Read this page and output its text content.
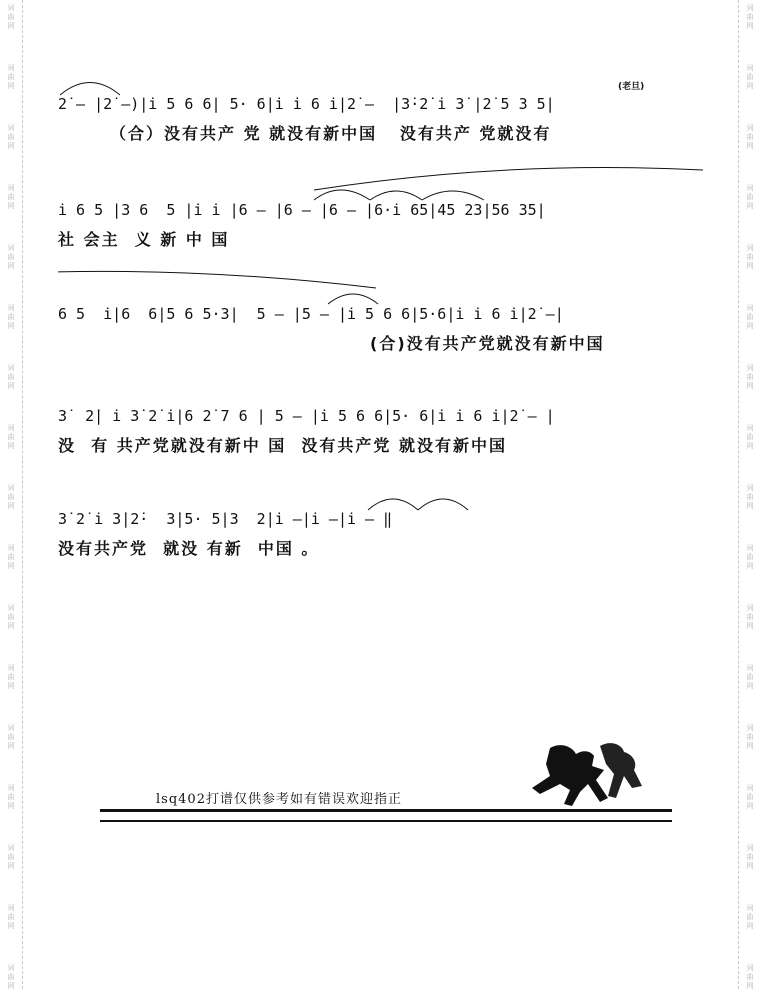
词
曲
网
词
曲
网
词
曲
网
词
曲
网
词
曲
网
词
曲
网
词
曲
网
词
曲
网
词
曲
网
词
曲
网
词
曲
网
词
曲
网
词
曲
网
词
曲
网
词
曲
网
词
曲
网
词
曲
网
词
曲
网
词
曲
网
词
曲
网
词
曲
网
词
曲
网
词
曲
网
词
曲
网
词
曲
网
词
曲
网
词
曲
网
词
曲
网
词
曲
网
词
曲
网
词
曲
网
词
曲
网
词
曲
网
词
曲
网
2̇ – |2̇ –)|i̇ 5 6 6| 5· 6|i̇ i̇ 6 i̇|2̇ –  |3̇·2̇ i̇ 3̇ |2̇ 5 3 5|
（合）没有共产 党 就没有新中国   没有共产 党就没有
(老旦)
i̇ 6 5 |3 6  5 |i̇ i̇ |6 – |6 – |6 – |6·i̇ 65|45 23|56 35|
社 会主  义 新 中 国
6 5  i̇|6  6|5 6 5·3|  5 – |5 – |i̇ 5 6 6|5·6|i̇ i̇ 6 i̇|2̇ –|
(合)没有共产党就没有新中国
3̇  2̇| i̇ 3̇ 2̇ i̇|6 2̇ 7 6 | 5 – |i̇ 5 6 6|5· 6|i̇ i̇ 6 i̇|2̇ – |
没  有 共产党就没有新中 国  没有共产党 就没有新中国
3̇ 2̇ i̇ 3̇|2̇·  3̇|5· 5|3  2̇|i̇ –|i̇ –|i̇ – ‖
没有共产党  就没 有新  中国 。
lsq402打谱仅供参考如有错误欢迎指正
